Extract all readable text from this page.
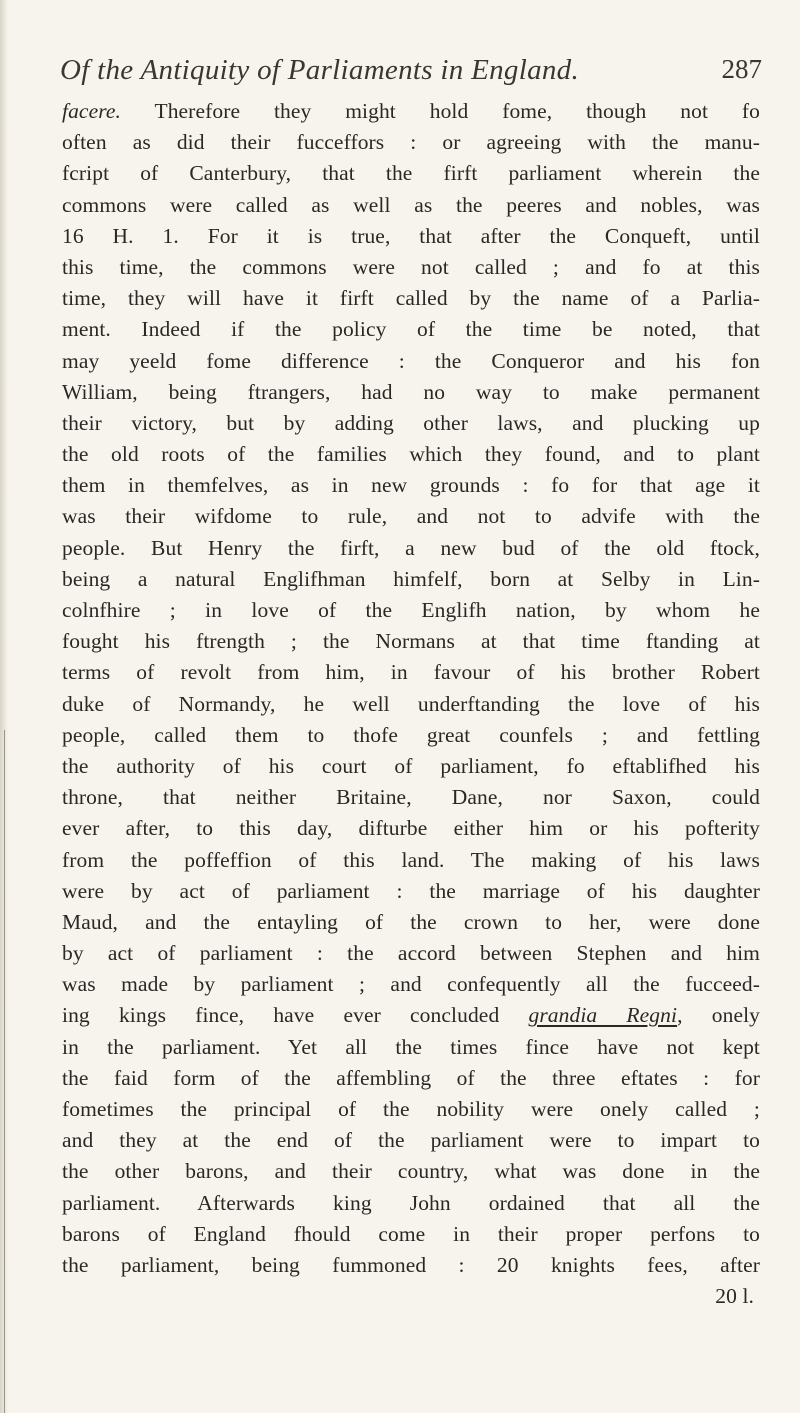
Of the Antiquity of Parliaments in England.	287
facere. Therefore they might hold fome, though not fo
often as did their fucceffors : or agreeing with the manu-
fcript of Canterbury, that the firft parliament wherein the
commons were called as well as the peeres and nobles, was
16 H. 1. For it is true, that after the Conqueft, until
this time, the commons were not called ; and fo at this
time, they will have it firft called by the name of a Parlia-
ment. Indeed if the policy of the time be noted, that
may yeeld fome difference : the Conqueror and his fon
William, being ftrangers, had no way to make permanent
their victory, but by adding other laws, and plucking up
the old roots of the families which they found, and to plant
them in themfelves, as in new grounds : fo for that age it
was their wifdome to rule, and not to advife with the
people. But Henry the firft, a new bud of the old ftock,
being a natural Englifhman himfelf, born at Selby in Lin-
colnfhire ; in love of the Englifh nation, by whom he
fought his ftrength ; the Normans at that time ftanding at
terms of revolt from him, in favour of his brother Robert
duke of Normandy, he well underftanding the love of his
people, called them to thofe great counfels ; and fettling
the authority of his court of parliament, fo eftablifhed his
throne, that neither Britaine, Dane, nor Saxon, could
ever after, to this day, difturbe either him or his pofterity
from the poffeffion of this land. The making of his laws
were by act of parliament : the marriage of his daughter
Maud, and the entayling of the crown to her, were done
by act of parliament : the accord between Stephen and him
was made by parliament ; and confequently all the fucceed-
ing kings fince, have ever concluded grandia Regni, onely
in the parliament. Yet all the times fince have not kept
the faid form of the affembling of the three eftates : for
fometimes the principal of the nobility were onely called ;
and they at the end of the parliament were to impart to
the other barons, and their country, what was done in the
parliament. Afterwards king John ordained that all the
barons of England fhould come in their proper perfons to
the parliament, being fummoned : 20 knights fees, after
20 l.
